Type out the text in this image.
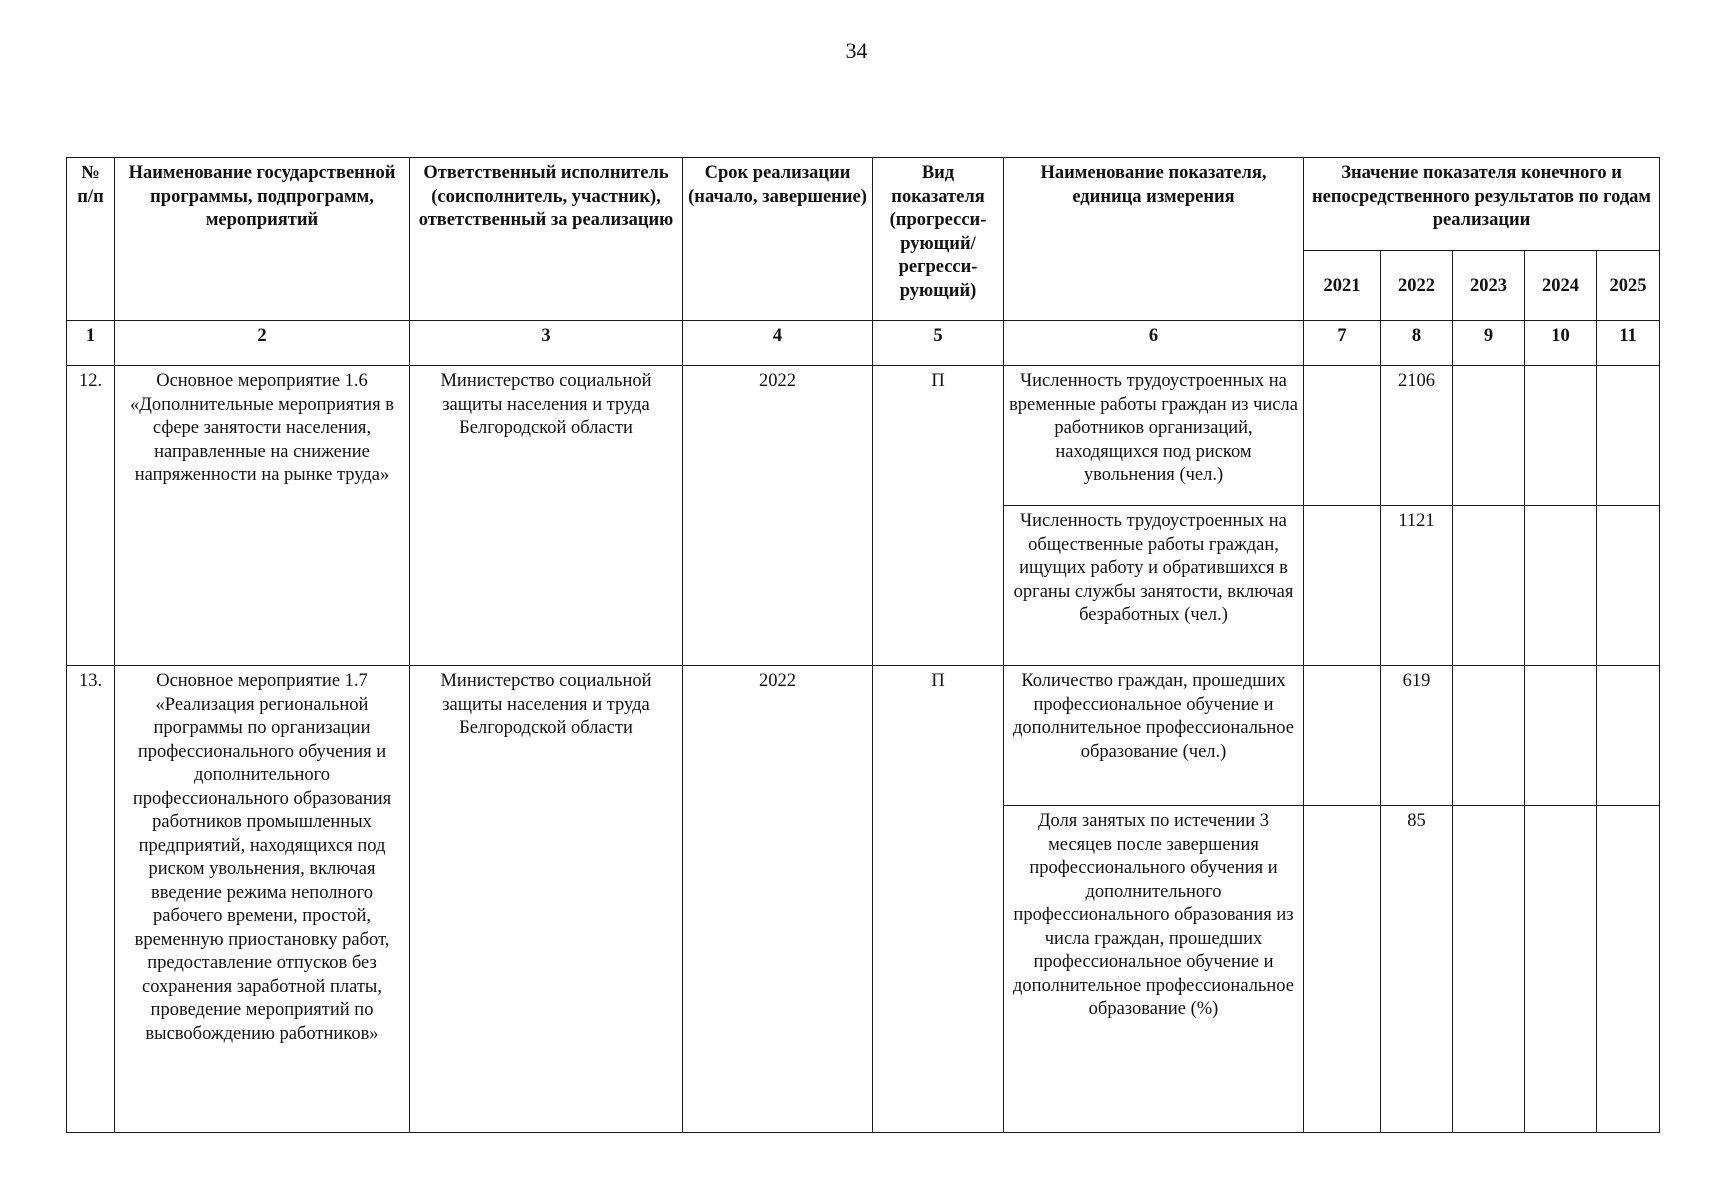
34
№
п/п	Наименование государственной программы, подпрограмм, мероприятий	Ответственный исполнитель (соисполнитель, участник), ответственный за реализацию	Срок реализации (начало, завершение)	Вид показателя (прогресси-рующий/ регресси-рующий)	Наименование показателя, единица измерения	Значение показателя конечного и непосредственного результатов по годам реализации				
						2021	2022	2023	2024	2025
1	2	3	4	5	6	7	8	9	10	11
12.	Основное мероприятие 1.6 «Дополнительные мероприятия в сфере занятости населения, направленные на снижение напряженности на рынке труда»	Министерство социальной защиты населения и труда Белгородской области	2022	П	Численность трудоустроенных на временные работы граждан из числа работников организаций, находящихся под риском увольнения (чел.)		2106			
					Численность трудоустроенных на общественные работы граждан, ищущих работу и обратившихся в органы службы занятости, включая безработных (чел.)		1121			
13.	Основное мероприятие 1.7 «Реализация региональной программы по организации профессионального обучения и дополнительного профессионального образования работников промышленных предприятий, находящихся под риском увольнения, включая введение режима неполного рабочего времени, простой, временную приостановку работ, предоставление отпусков без сохранения заработной платы, проведение мероприятий по высвобождению работников»	Министерство социальной защиты населения и труда Белгородской области	2022	П	Количество граждан, прошедших профессиональное обучение и дополнительное профессиональное образование (чел.)		619			
					Доля занятых по истечении 3 месяцев после завершения профессионального обучения и дополнительного профессионального образования из числа граждан, прошедших профессиональное обучение и дополнительное профессиональное образование (%)		85			
